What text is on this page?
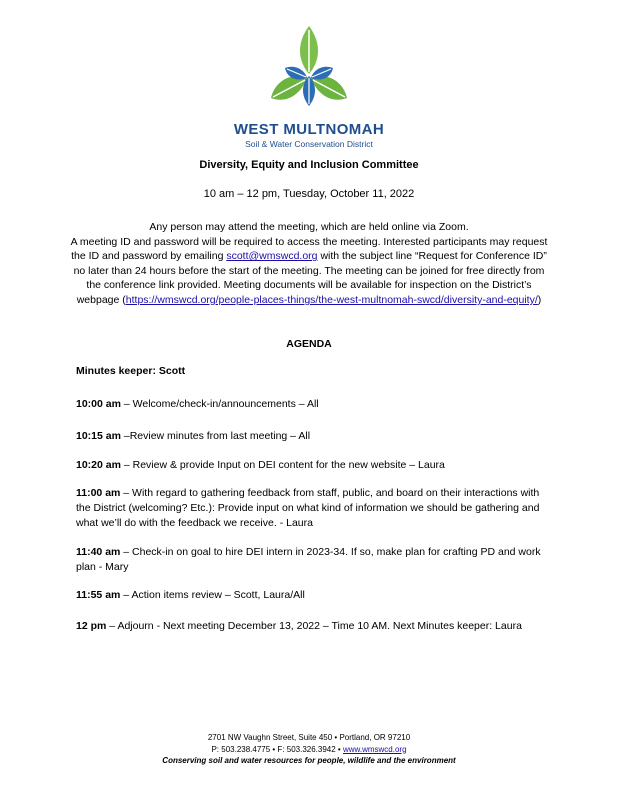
WEST MULTNOMAH
Soil & Water Conservation District
Diversity, Equity and Inclusion Committee
10 am – 12 pm, Tuesday, October 11, 2022
Any person may attend the meeting, which are held online via Zoom.
A meeting ID and password will be required to access the meeting. Interested participants may request the ID and password by emailing scott@wmswcd.org with the subject line “Request for Conference ID” no later than 24 hours before the start of the meeting. The meeting can be joined for free directly from the conference link provided. Meeting documents will be available for inspection on the District’s webpage (https://wmswcd.org/people-places-things/the-west-multnomah-swcd/diversity-and-equity/)
AGENDA
Minutes keeper: Scott
10:00 am – Welcome/check-in/announcements – All
10:15 am –Review minutes from last meeting – All
10:20 am – Review & provide Input on DEI content for the new website – Laura
11:00 am – With regard to gathering feedback from staff, public, and board on their interactions with the District (welcoming? Etc.): Provide input on what kind of information we should be gathering and what we’ll do with the feedback we receive. - Laura
11:40 am – Check-in on goal to hire DEI intern in 2023-34. If so, make plan for crafting PD and work plan - Mary
11:55 am – Action items review – Scott, Laura/All
12 pm – Adjourn - Next meeting December 13, 2022 – Time 10 AM. Next Minutes keeper: Laura
2701 NW Vaughn Street, Suite 450 • Portland, OR 97210
P: 503.238.4775 • F: 503.326.3942 • www.wmswcd.org
Conserving soil and water resources for people, wildlife and the environment
